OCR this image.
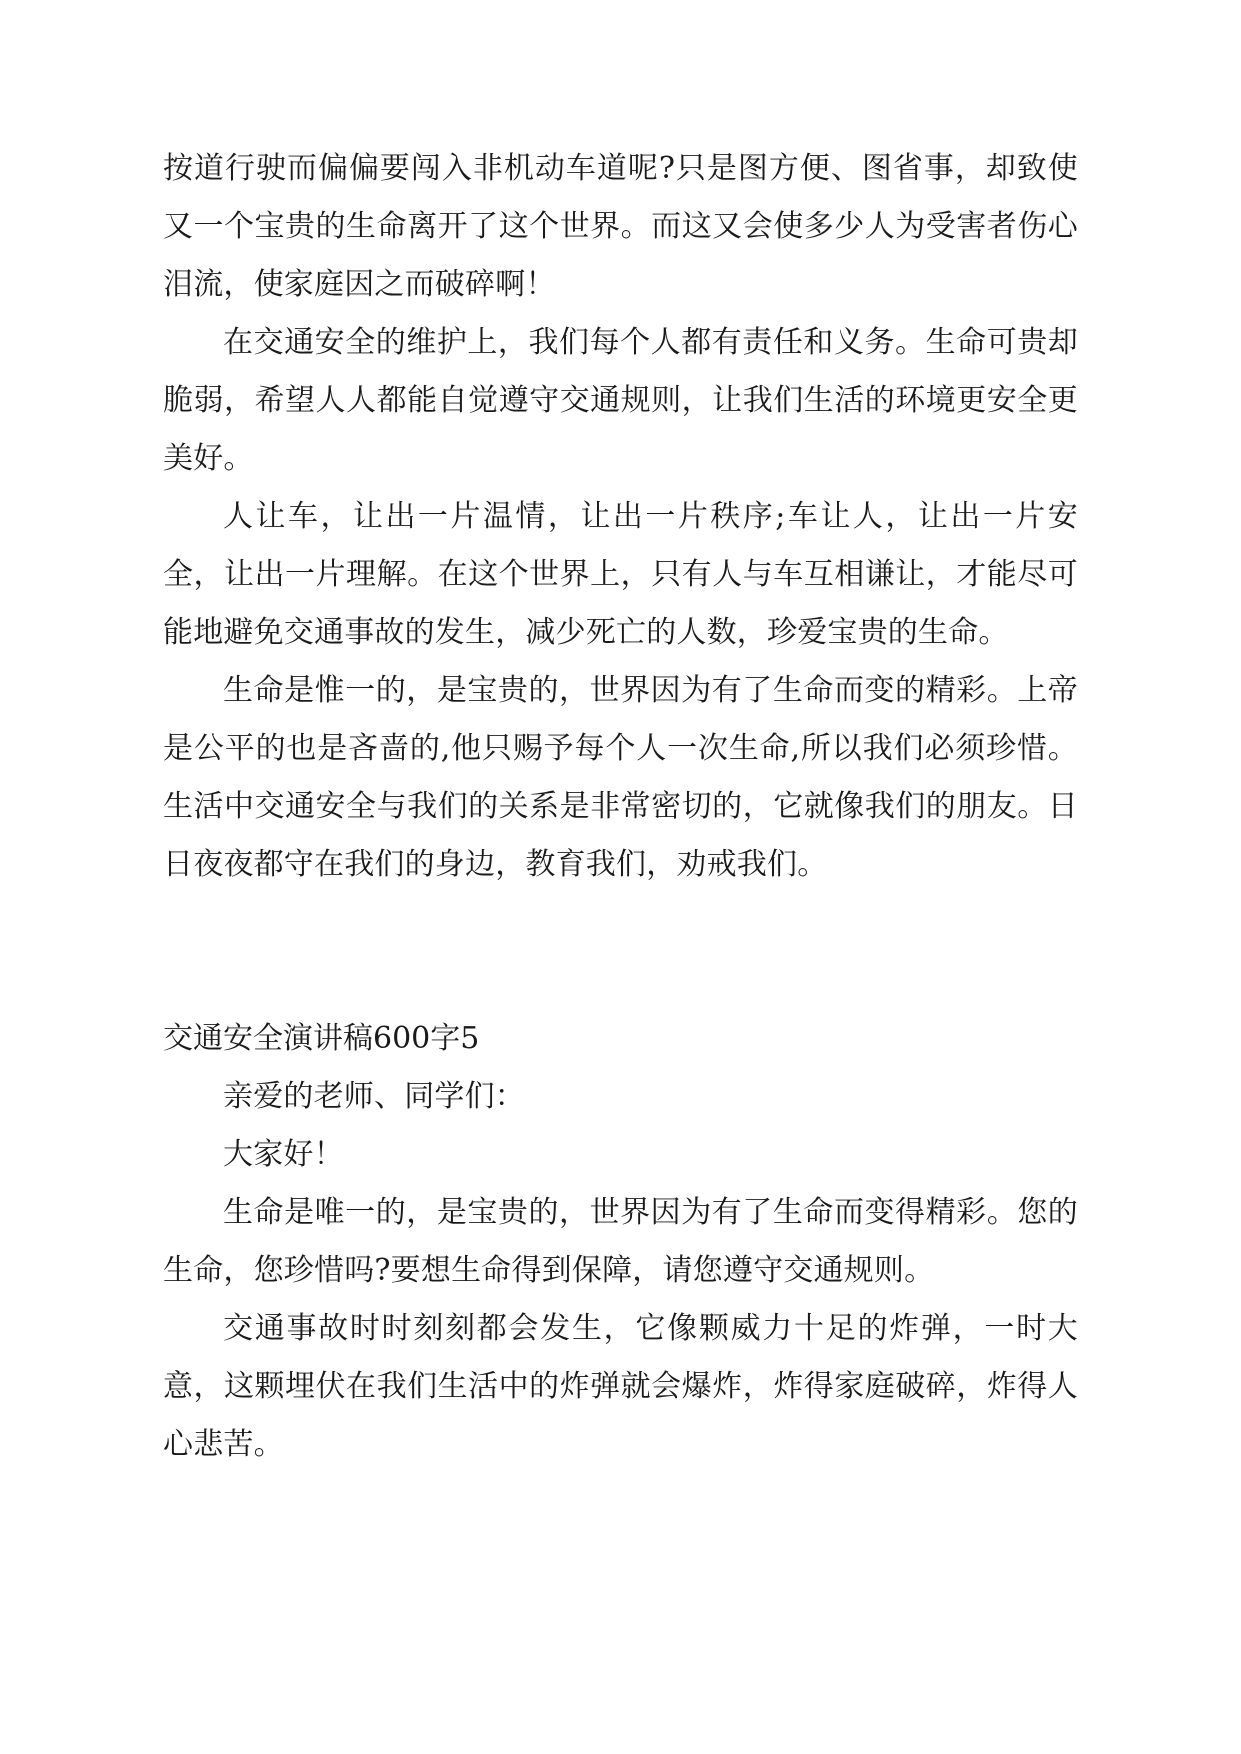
按道行驶而偏偏要闯入非机动车道呢?只是图方便、图省事，却致使又一个宝贵的生命离开了这个世界。而这又会使多少人为受害者伤心泪流，使家庭因之而破碎啊！

在交通安全的维护上，我们每个人都有责任和义务。生命可贵却脆弱，希望人人都能自觉遵守交通规则，让我们生活的环境更安全更美好。

人让车，让出一片温情，让出一片秩序;车让人，让出一片安全，让出一片理解。在这个世界上，只有人与车互相谦让，才能尽可能地避免交通事故的发生，减少死亡的人数，珍爱宝贵的生命。

生命是惟一的，是宝贵的，世界因为有了生命而变的精彩。上帝是公平的也是吝啬的,他只赐予每个人一次生命,所以我们必须珍惜。生活中交通安全与我们的关系是非常密切的，它就像我们的朋友。日日夜夜都守在我们的身边，教育我们，劝戒我们。

交通安全演讲稿600字5

亲爱的老师、同学们：

大家好！

生命是唯一的，是宝贵的，世界因为有了生命而变得精彩。您的生命，您珍惜吗?要想生命得到保障，请您遵守交通规则。

交通事故时时刻刻都会发生，它像颗威力十足的炸弹，一时大意，这颗埋伏在我们生活中的炸弹就会爆炸，炸得家庭破碎，炸得人心悲苦。
